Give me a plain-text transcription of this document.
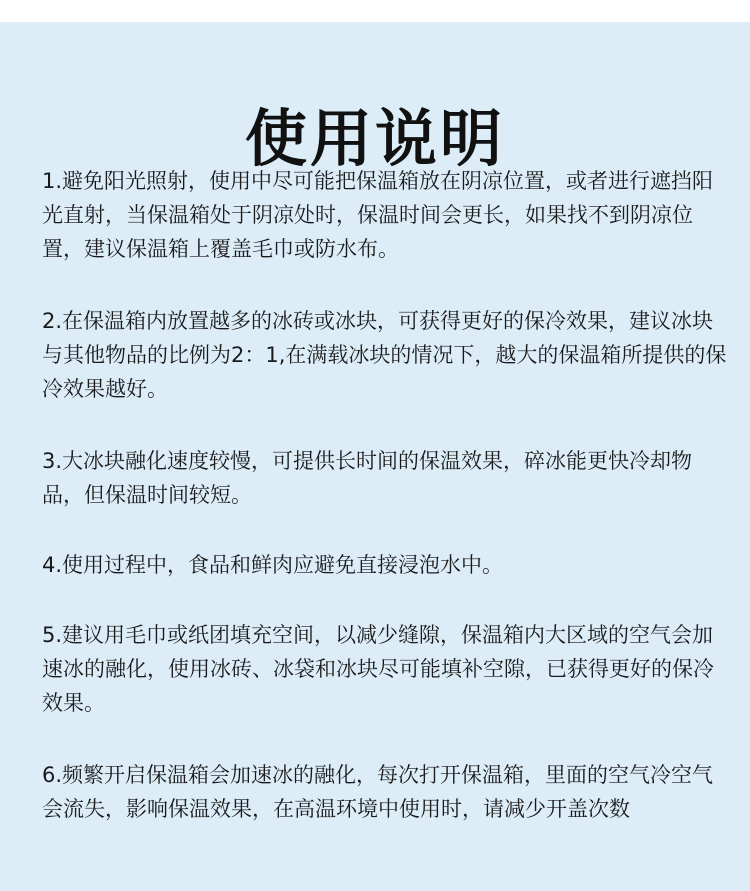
使用说明

1.避免阳光照射，使用中尽可能把保温箱放在阴凉位置，或者进行遮挡阳光直射，当保温箱处于阴凉处时，保温时间会更长，如果找不到阴凉位置，建议保温箱上覆盖毛巾或防水布。

2.在保温箱内放置越多的冰砖或冰块，可获得更好的保冷效果，建议冰块与其他物品的比例为2：1,在满载冰块的情况下，越大的保温箱所提供的保冷效果越好。

3.大冰块融化速度较慢，可提供长时间的保温效果，碎冰能更快冷却物品，但保温时间较短。

4.使用过程中，食品和鲜肉应避免直接浸泡水中。

5.建议用毛巾或纸团填充空间，以减少缝隙，保温箱内大区域的空气会加速冰的融化，使用冰砖、冰袋和冰块尽可能填补空隙，已获得更好的保冷效果。

6.频繁开启保温箱会加速冰的融化，每次打开保温箱，里面的空气冷空气会流失，影响保温效果，在高温环境中使用时，请减少开盖次数
